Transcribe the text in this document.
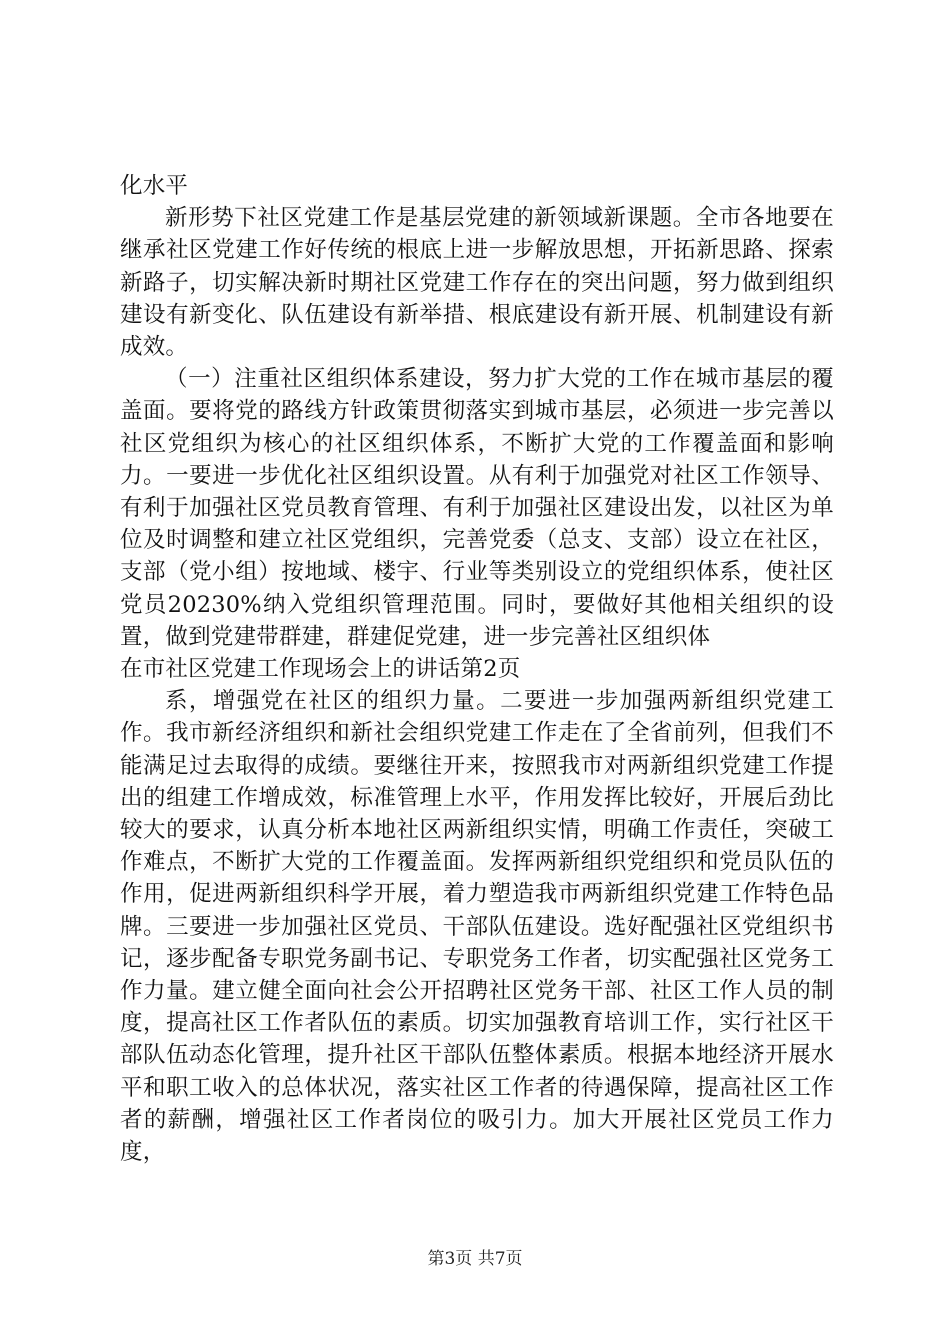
化水平

新形势下社区党建工作是基层党建的新领域新课题。全市各地要在继承社区党建工作好传统的根底上进一步解放思想，开拓新思路、探索新路子，切实解决新时期社区党建工作存在的突出问题，努力做到组织建设有新变化、队伍建设有新举措、根底建设有新开展、机制建设有新成效。

（一）注重社区组织体系建设，努力扩大党的工作在城市基层的覆盖面。要将党的路线方针政策贯彻落实到城市基层，必须进一步完善以社区党组织为核心的社区组织体系，不断扩大党的工作覆盖面和影响力。一要进一步优化社区组织设置。从有利于加强党对社区工作领导、有利于加强社区党员教育管理、有利于加强社区建设出发，以社区为单位及时调整和建立社区党组织，完善党委（总支、支部）设立在社区，支部（党小组）按地域、楼宇、行业等类别设立的党组织体系，使社区党员20230%纳入党组织管理范围。同时，要做好其他相关组织的设置，做到党建带群建，群建促党建，进一步完善社区组织体

在市社区党建工作现场会上的讲话第2页

系，增强党在社区的组织力量。二要进一步加强两新组织党建工作。我市新经济组织和新社会组织党建工作走在了全省前列，但我们不能满足过去取得的成绩。要继往开来，按照我市对两新组织党建工作提出的组建工作增成效，标准管理上水平，作用发挥比较好，开展后劲比较大的要求，认真分析本地社区两新组织实情，明确工作责任，突破工作难点，不断扩大党的工作覆盖面。发挥两新组织党组织和党员队伍的作用，促进两新组织科学开展，着力塑造我市两新组织党建工作特色品牌。三要进一步加强社区党员、干部队伍建设。选好配强社区党组织书记，逐步配备专职党务副书记、专职党务工作者，切实配强社区党务工作力量。建立健全面向社会公开招聘社区党务干部、社区工作人员的制度，提高社区工作者队伍的素质。切实加强教育培训工作，实行社区干部队伍动态化管理，提升社区干部队伍整体素质。根据本地经济开展水平和职工收入的总体状况，落实社区工作者的待遇保障，提高社区工作者的薪酬，增强社区工作者岗位的吸引力。加大开展社区党员工作力度，

第3页 共7页
